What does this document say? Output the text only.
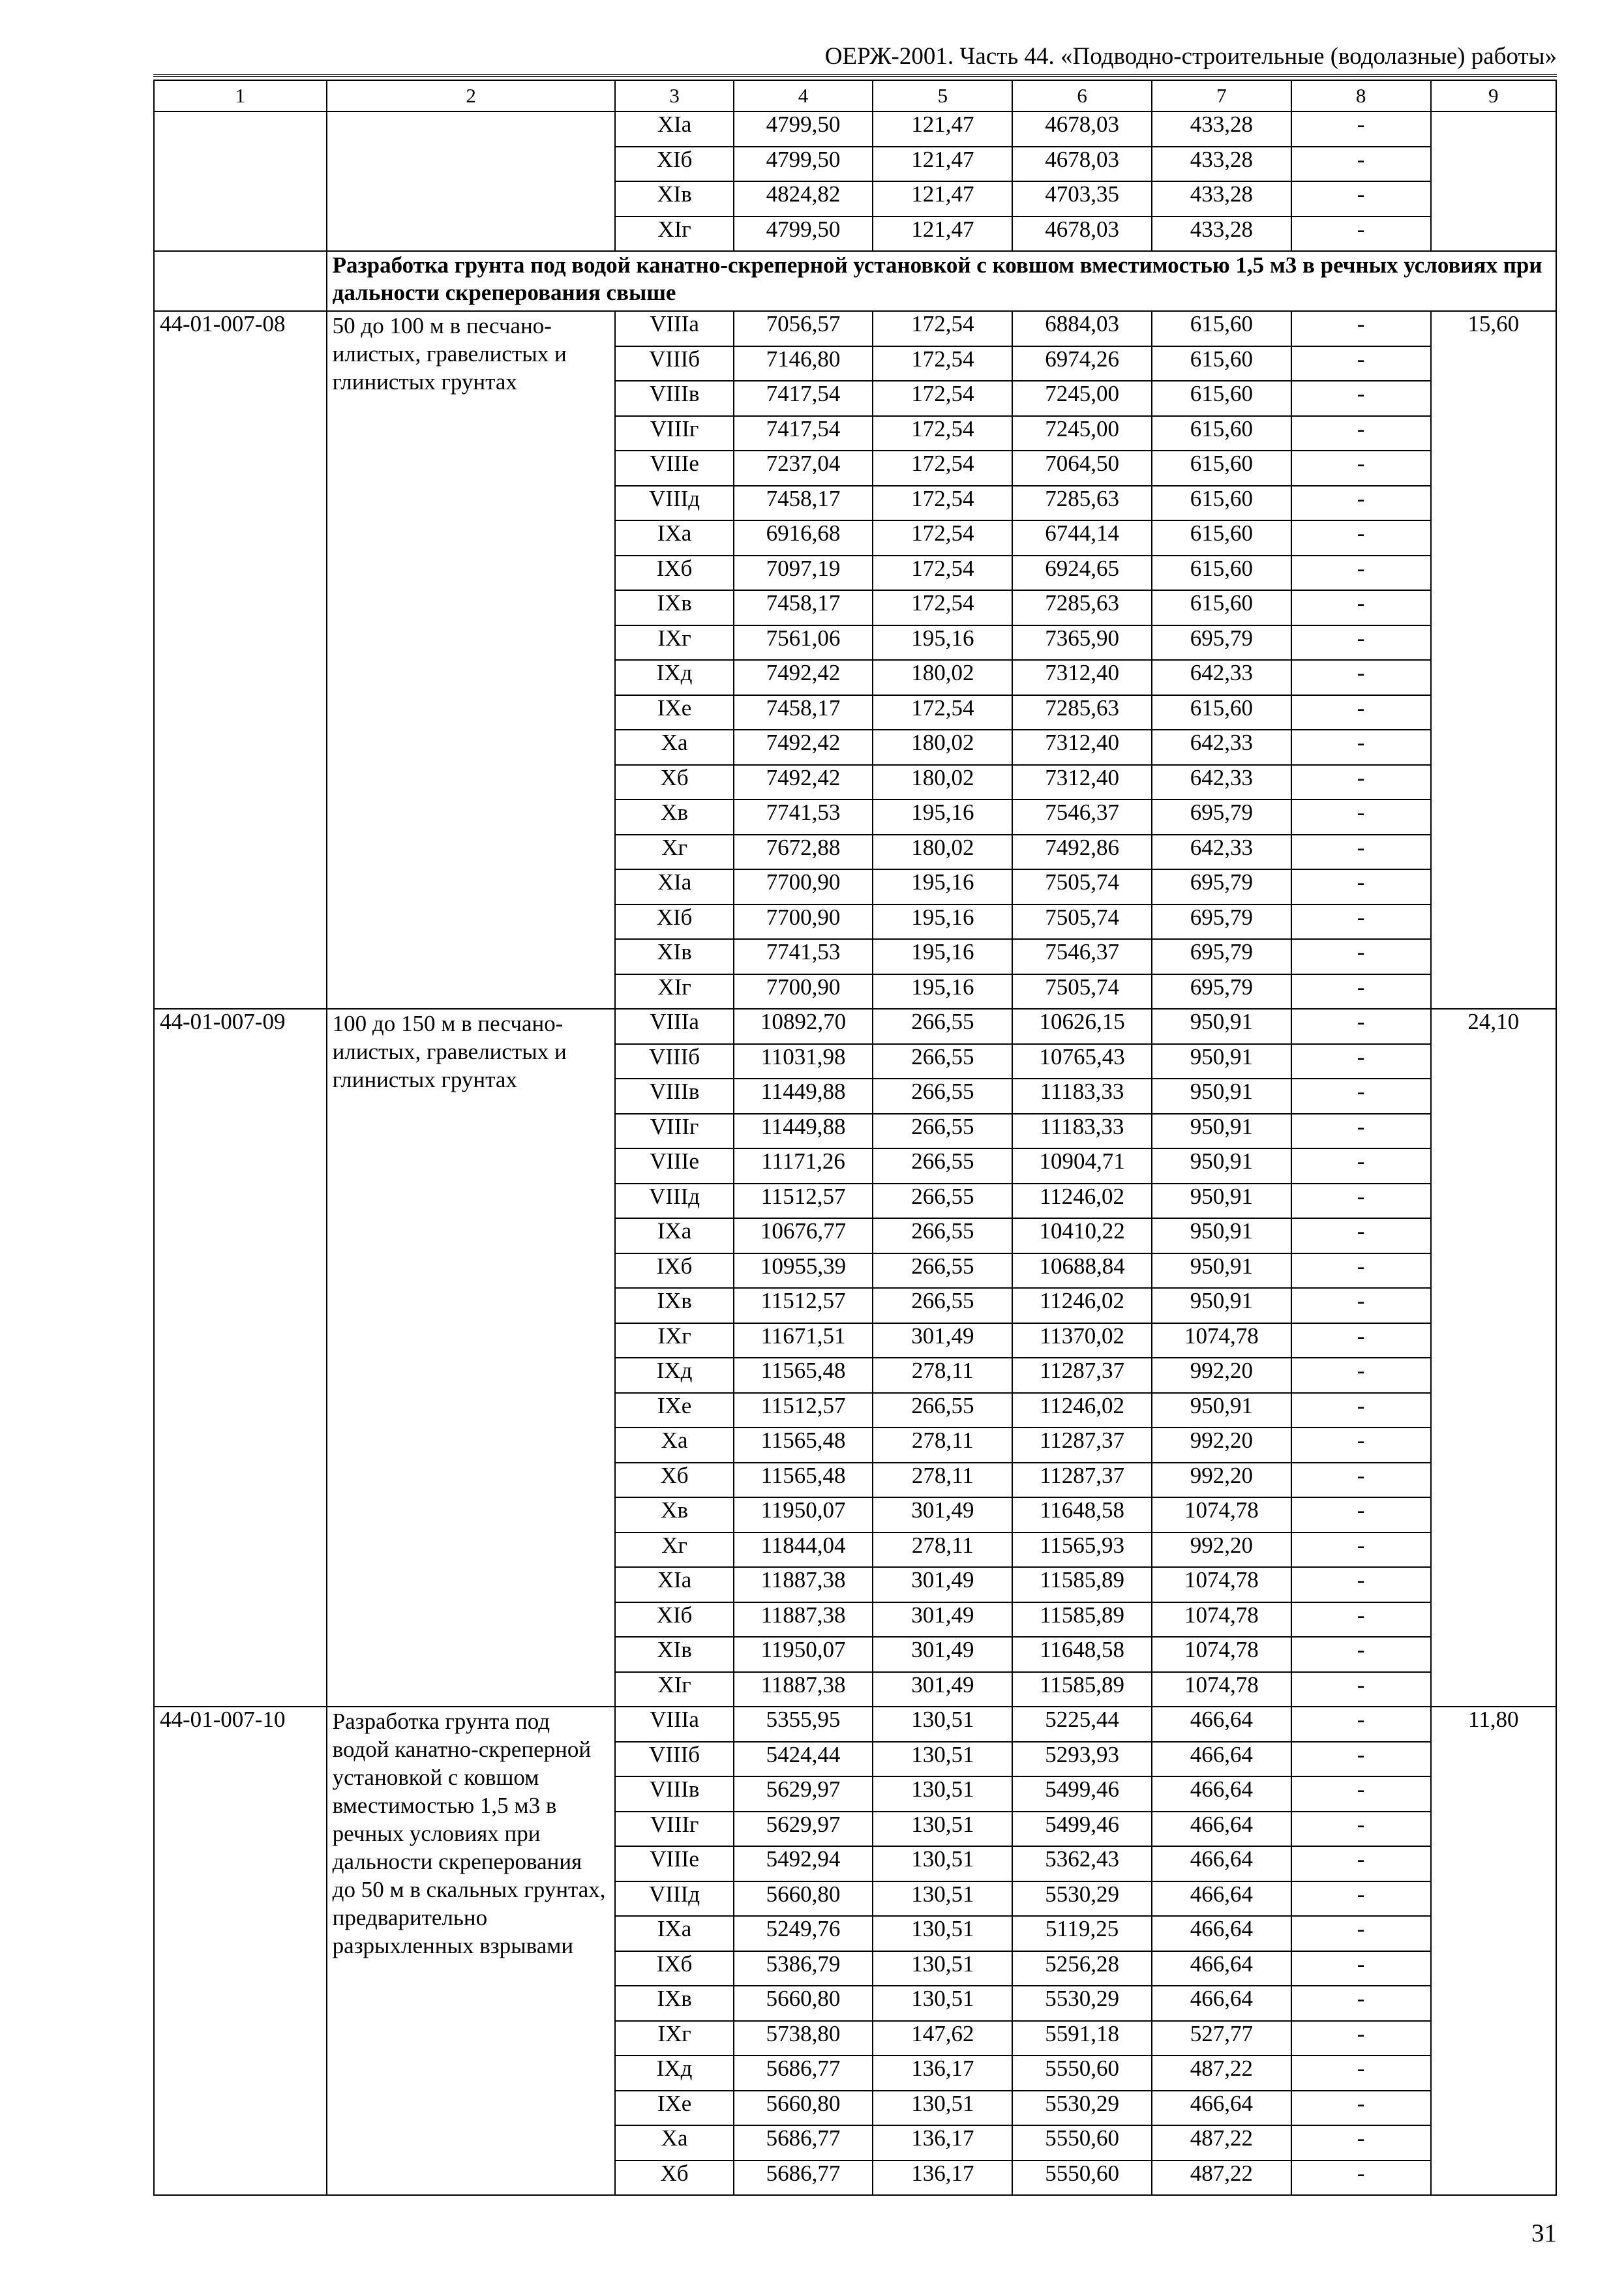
ОЕРЖ-2001. Часть 44. «Подводно-строительные (водолазные) работы»
1	2	3	4	5	6	7	8	9
		XIа	4799,50	121,47	4678,03	433,28	-	
		XIб	4799,50	121,47	4678,03	433,28	-	
		XIв	4824,82	121,47	4703,35	433,28	-	
		XIг	4799,50	121,47	4678,03	433,28	-	
	Разработка грунта под водой канатно-скреперной установкой с ковшом вместимостью 1,5 м3 в речных условиях при дальности скреперования свыше							
44-01-007-08	50 до 100 м в песчано-илистых, гравелистых и глинистых грунтах	VIIIа	7056,57	172,54	6884,03	615,60	-	15,60
		VIIIб	7146,80	172,54	6974,26	615,60	-	
		VIIIв	7417,54	172,54	7245,00	615,60	-	
		VIIIг	7417,54	172,54	7245,00	615,60	-	
		VIIIе	7237,04	172,54	7064,50	615,60	-	
		VIIIд	7458,17	172,54	7285,63	615,60	-	
		IXа	6916,68	172,54	6744,14	615,60	-	
		IXб	7097,19	172,54	6924,65	615,60	-	
		IXв	7458,17	172,54	7285,63	615,60	-	
		IXг	7561,06	195,16	7365,90	695,79	-	
		IXд	7492,42	180,02	7312,40	642,33	-	
		IXе	7458,17	172,54	7285,63	615,60	-	
		Xа	7492,42	180,02	7312,40	642,33	-	
		Xб	7492,42	180,02	7312,40	642,33	-	
		Xв	7741,53	195,16	7546,37	695,79	-	
		Xг	7672,88	180,02	7492,86	642,33	-	
		XIа	7700,90	195,16	7505,74	695,79	-	
		XIб	7700,90	195,16	7505,74	695,79	-	
		XIв	7741,53	195,16	7546,37	695,79	-	
		XIг	7700,90	195,16	7505,74	695,79	-	
44-01-007-09	100 до 150 м в песчано-илистых, гравелистых и глинистых грунтах	VIIIа	10892,70	266,55	10626,15	950,91	-	24,10
		VIIIб	11031,98	266,55	10765,43	950,91	-	
		VIIIв	11449,88	266,55	11183,33	950,91	-	
		VIIIг	11449,88	266,55	11183,33	950,91	-	
		VIIIе	11171,26	266,55	10904,71	950,91	-	
		VIIIд	11512,57	266,55	11246,02	950,91	-	
		IXа	10676,77	266,55	10410,22	950,91	-	
		IXб	10955,39	266,55	10688,84	950,91	-	
		IXв	11512,57	266,55	11246,02	950,91	-	
		IXг	11671,51	301,49	11370,02	1074,78	-	
		IXд	11565,48	278,11	11287,37	992,20	-	
		IXе	11512,57	266,55	11246,02	950,91	-	
		Xа	11565,48	278,11	11287,37	992,20	-	
		Xб	11565,48	278,11	11287,37	992,20	-	
		Xв	11950,07	301,49	11648,58	1074,78	-	
		Xг	11844,04	278,11	11565,93	992,20	-	
		XIа	11887,38	301,49	11585,89	1074,78	-	
		XIб	11887,38	301,49	11585,89	1074,78	-	
		XIв	11950,07	301,49	11648,58	1074,78	-	
		XIг	11887,38	301,49	11585,89	1074,78	-	
44-01-007-10	Разработка грунта под водой канатно-скреперной установкой с ковшом вместимостью 1,5 м3 в речных условиях при дальности скреперования до 50 м в скальных грунтах, предварительно разрыхленных взрывами	VIIIа	5355,95	130,51	5225,44	466,64	-	11,80
		VIIIб	5424,44	130,51	5293,93	466,64	-	
		VIIIв	5629,97	130,51	5499,46	466,64	-	
		VIIIг	5629,97	130,51	5499,46	466,64	-	
		VIIIе	5492,94	130,51	5362,43	466,64	-	
		VIIIд	5660,80	130,51	5530,29	466,64	-	
		IXа	5249,76	130,51	5119,25	466,64	-	
		IXб	5386,79	130,51	5256,28	466,64	-	
		IXв	5660,80	130,51	5530,29	466,64	-	
		IXг	5738,80	147,62	5591,18	527,77	-	
		IXд	5686,77	136,17	5550,60	487,22	-	
		IXе	5660,80	130,51	5530,29	466,64	-	
		Xа	5686,77	136,17	5550,60	487,22	-	
		Xб	5686,77	136,17	5550,60	487,22	-	
31
